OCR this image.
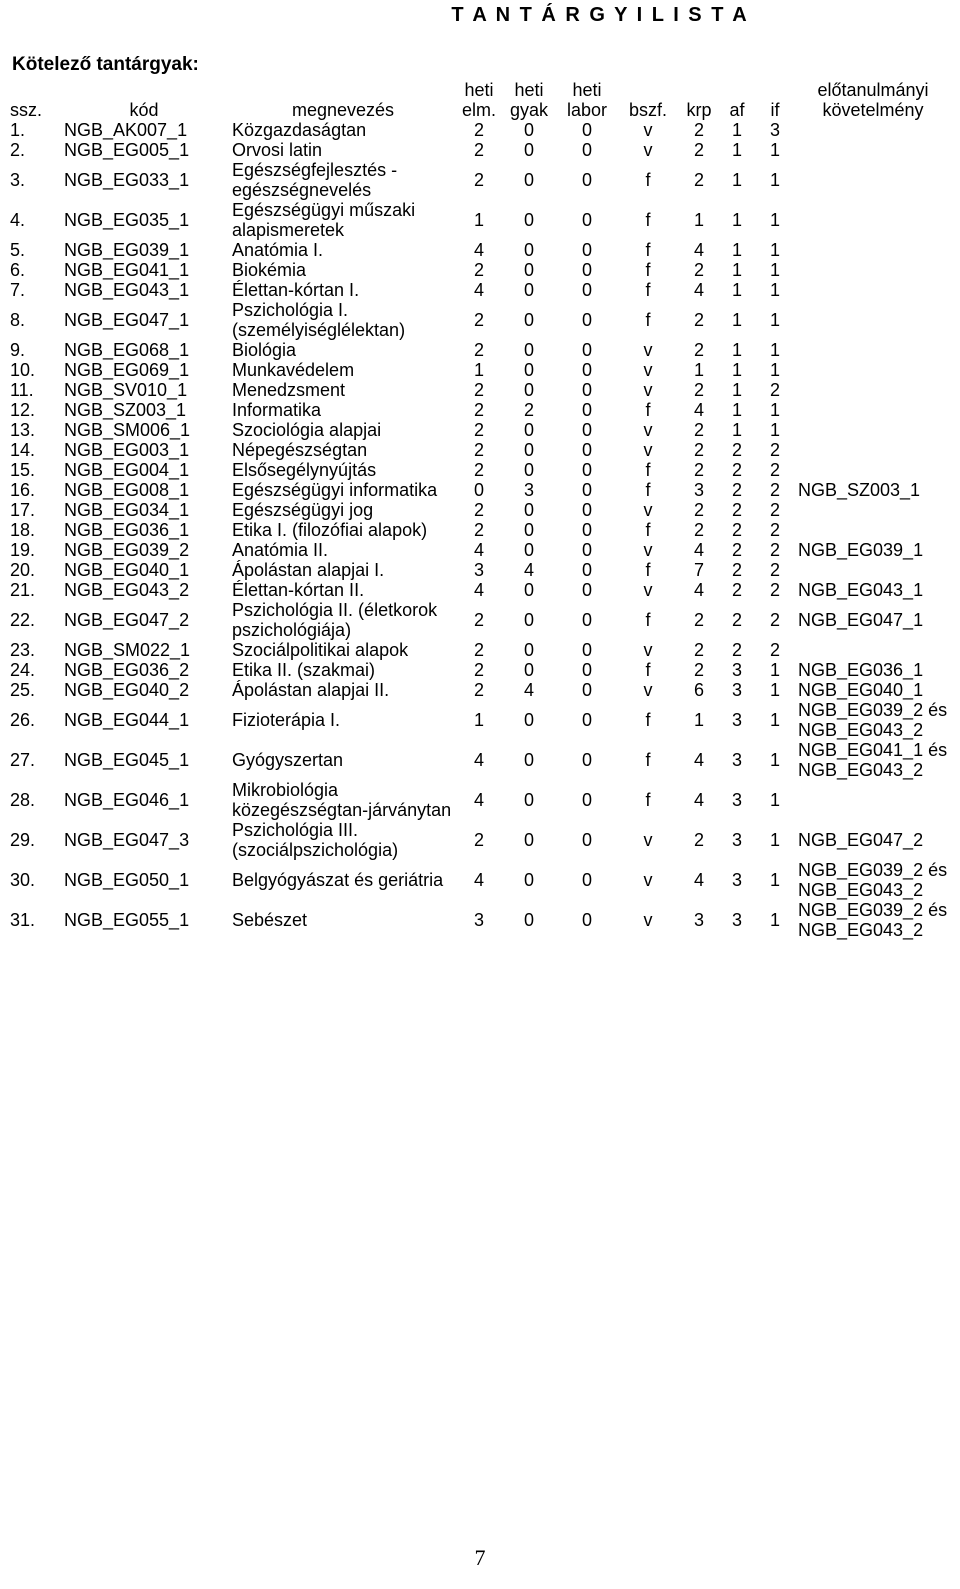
T A N T Á R G Y I L I S T A
Kötelező tantárgyak:
ssz.	kód	megnevezés	heti elm.	heti gyak	heti labor	bszf.	krp	af	if	előtanulmányi követelmény
1.	NGB_AK007_1	Közgazdaságtan	2	0	0	v	2	1	3	
2.	NGB_EG005_1	Orvosi latin	2	0	0	v	2	1	1	
3.	NGB_EG033_1	Egészségfejlesztés - egészségnevelés	2	0	0	f	2	1	1	
4.	NGB_EG035_1	Egészségügyi műszaki alapismeretek	1	0	0	f	1	1	1	
5.	NGB_EG039_1	Anatómia I.	4	0	0	f	4	1	1	
6.	NGB_EG041_1	Biokémia	2	0	0	f	2	1	1	
7.	NGB_EG043_1	Élettan-kórtan I.	4	0	0	f	4	1	1	
8.	NGB_EG047_1	Pszichológia I. (személyiséglélektan)	2	0	0	f	2	1	1	
9.	NGB_EG068_1	Biológia	2	0	0	v	2	1	1	
10.	NGB_EG069_1	Munkavédelem	1	0	0	v	1	1	1	
11.	NGB_SV010_1	Menedzsment	2	0	0	v	2	1	2	
12.	NGB_SZ003_1	Informatika	2	2	0	f	4	1	1	
13.	NGB_SM006_1	Szociológia alapjai	2	0	0	v	2	1	1	
14.	NGB_EG003_1	Népegészségtan	2	0	0	v	2	2	2	
15.	NGB_EG004_1	Elsősegélynyújtás	2	0	0	f	2	2	2	
16.	NGB_EG008_1	Egészségügyi informatika	0	3	0	f	3	2	2	NGB_SZ003_1
17.	NGB_EG034_1	Egészségügyi jog	2	0	0	v	2	2	2	
18.	NGB_EG036_1	Etika I. (filozófiai alapok)	2	0	0	f	2	2	2	
19.	NGB_EG039_2	Anatómia II.	4	0	0	v	4	2	2	NGB_EG039_1
20.	NGB_EG040_1	Ápolástan alapjai I.	3	4	0	f	7	2	2	
21.	NGB_EG043_2	Élettan-kórtan II.	4	0	0	v	4	2	2	NGB_EG043_1
22.	NGB_EG047_2	Pszichológia II. (életkorok pszichológiája)	2	0	0	f	2	2	2	NGB_EG047_1
23.	NGB_SM022_1	Szociálpolitikai alapok	2	0	0	v	2	2	2	
24.	NGB_EG036_2	Etika II. (szakmai)	2	0	0	f	2	3	1	NGB_EG036_1
25.	NGB_EG040_2	Ápolástan alapjai II.	2	4	0	v	6	3	1	NGB_EG040_1
26.	NGB_EG044_1	Fizioterápia I.	1	0	0	f	1	3	1	NGB_EG039_2 és NGB_EG043_2
27.	NGB_EG045_1	Gyógyszertan	4	0	0	f	4	3	1	NGB_EG041_1 és NGB_EG043_2
28.	NGB_EG046_1	Mikrobiológia közegészségtan-járványtan	4	0	0	f	4	3	1	
29.	NGB_EG047_3	Pszichológia III. (szociálpszichológia)	2	0	0	v	2	3	1	NGB_EG047_2
30.	NGB_EG050_1	Belgyógyászat és geriátria	4	0	0	v	4	3	1	NGB_EG039_2 és NGB_EG043_2
31.	NGB_EG055_1	Sebészet	3	0	0	v	3	3	1	NGB_EG039_2 és NGB_EG043_2
7
